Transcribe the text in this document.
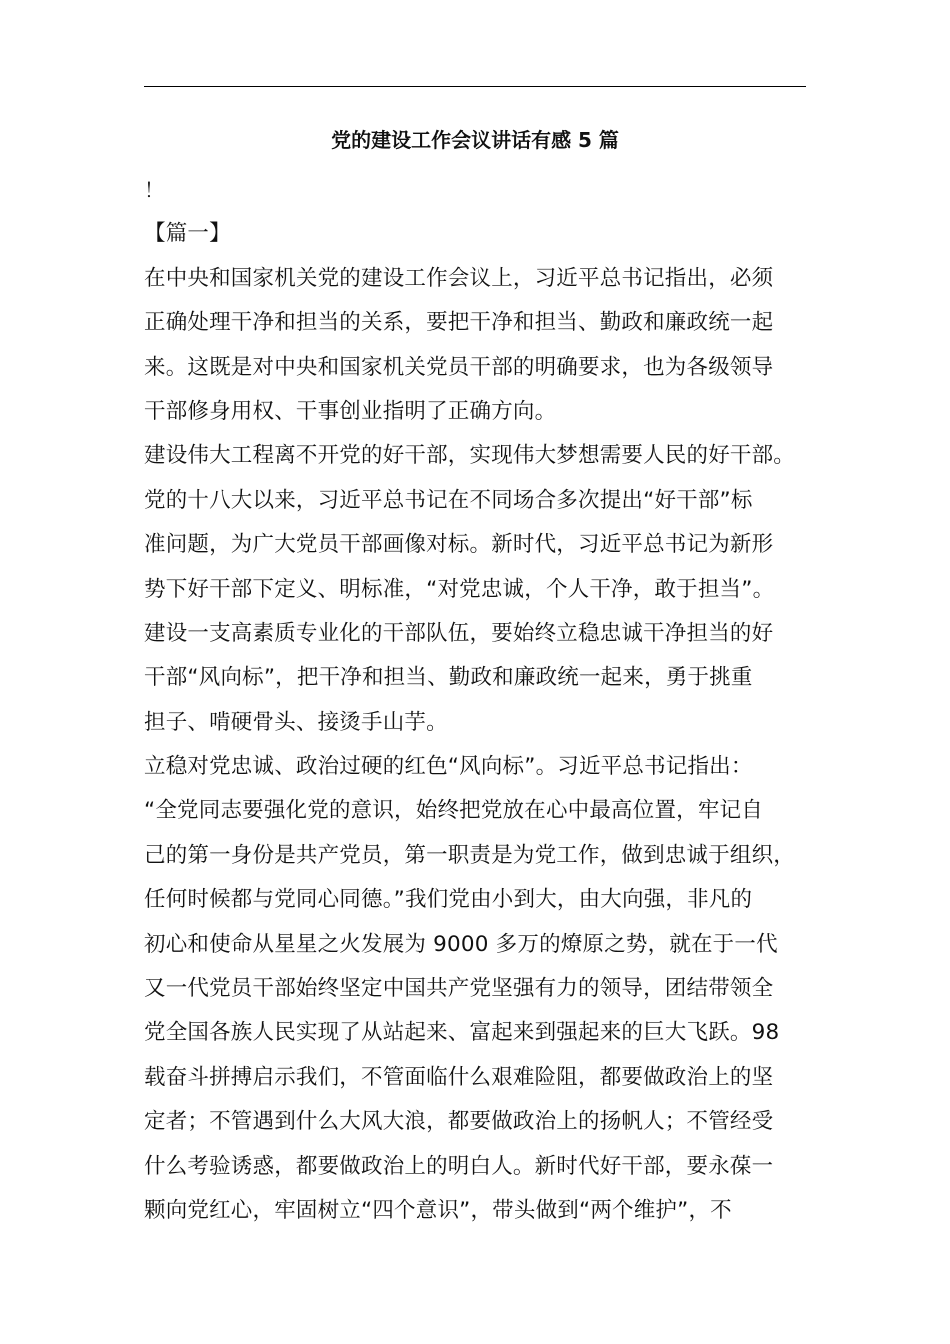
党的建设工作会议讲话有感 5 篇
！
【篇一】
在中央和国家机关党的建设工作会议上，习近平总书记指出，必须
正确处理干净和担当的关系，要把干净和担当、勤政和廉政统一起
来。这既是对中央和国家机关党员干部的明确要求，也为各级领导
干部修身用权、干事创业指明了正确方向。
建设伟大工程离不开党的好干部，实现伟大梦想需要人民的好干部。
党的十八大以来，习近平总书记在不同场合多次提出“好干部”标
准问题，为广大党员干部画像对标。新时代，习近平总书记为新形
势下好干部下定义、明标准，“对党忠诚，个人干净，敢于担当”。
建设一支高素质专业化的干部队伍，要始终立稳忠诚干净担当的好
干部“风向标”，把干净和担当、勤政和廉政统一起来，勇于挑重
担子、啃硬骨头、接烫手山芋。
立稳对党忠诚、政治过硬的红色“风向标”。习近平总书记指出：
“全党同志要强化党的意识，始终把党放在心中最高位置，牢记自
己的第一身份是共产党员，第一职责是为党工作，做到忠诚于组织，
任何时候都与党同心同德。”我们党由小到大，由大向强，非凡的
初心和使命从星星之火发展为 9000 多万的燎原之势，就在于一代
又一代党员干部始终坚定中国共产党坚强有力的领导，团结带领全
党全国各族人民实现了从站起来、富起来到强起来的巨大飞跃。98
载奋斗拼搏启示我们，不管面临什么艰难险阻，都要做政治上的坚
定者；不管遇到什么大风大浪，都要做政治上的扬帆人；不管经受
什么考验诱惑，都要做政治上的明白人。新时代好干部，要永葆一
颗向党红心，牢固树立“四个意识”，带头做到“两个维护”，不
